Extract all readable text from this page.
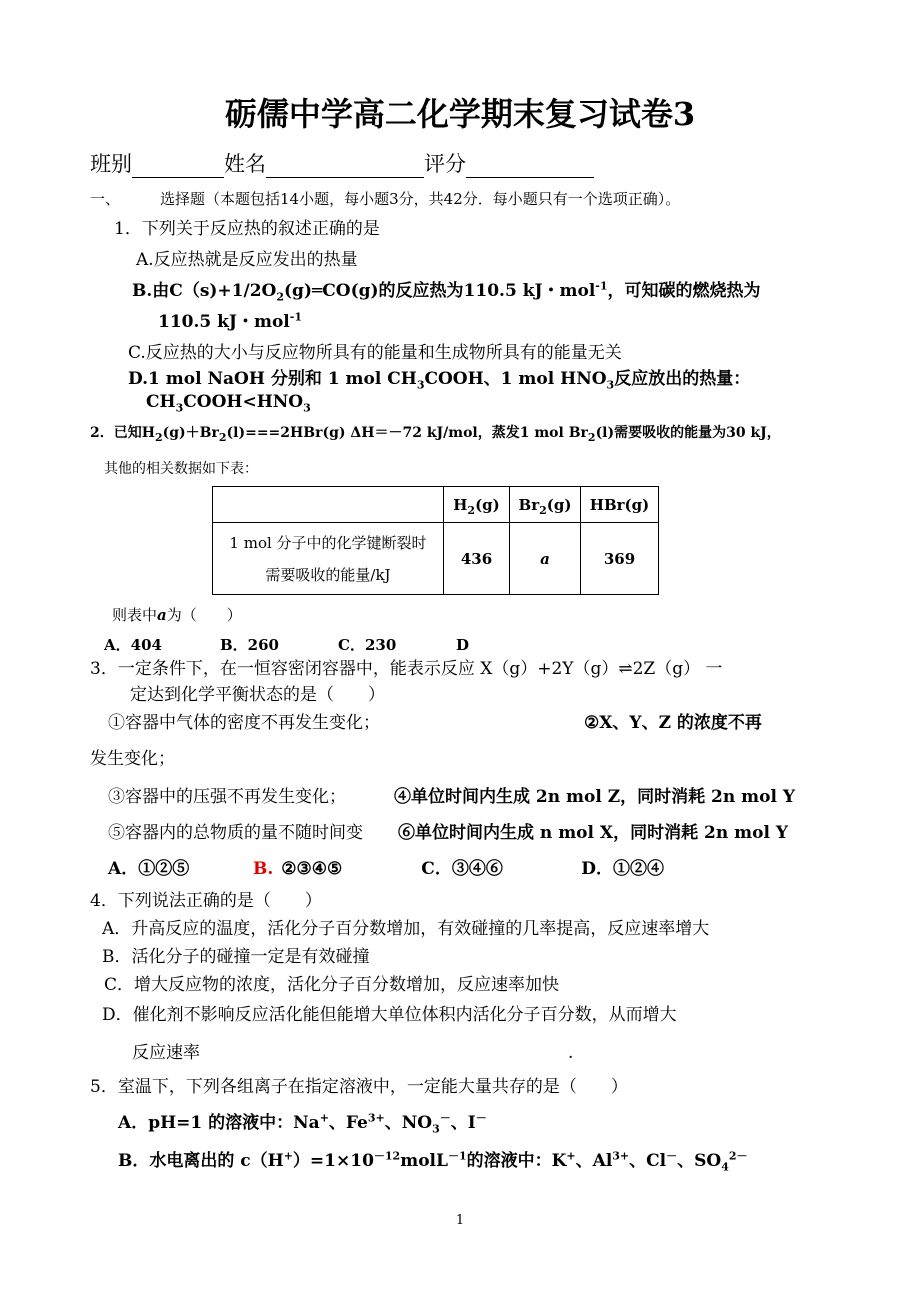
砺儒中学高二化学期末复习试卷3
班别	姓名	评分
一、	选择题（本题包括14小题，每小题3分，共42分．每小题只有一个选项正确）。
1．下列关于反应热的叙述正确的是
A.反应热就是反应发出的热量
B.由$C(s)+1/2O_2(g)═CO(g)$的反应热为110.5 kJ・mol$^{-1}$，可知碳的燃烧热为
110.5 kJ・mol$^{-1}$
C.反应热的大小与反应物所具有的能量和生成物所具有的能量无关
D.1 mol NaOH 分别和 1 mol $CH_3COOH$、1 mol $HNO_3$反应放出的热量：
$CH_3COOH<HNO_3$
2．已知$H_2(g)+Br_2(l)===2HBr(g)$ ΔH＝－72 kJ/mol，蒸发1 mol $Br_2(l)$需要吸收的能量为30 kJ，
其他的相关数据如下表：
	$H_2(g)$	$Br_2(g)$	HBr(g)
1 mol 分子中的化学键断裂时
需要吸收的能量/kJ	436	a	369
则表中a为（　　）
A．404	B．260	C．230	D
3．一定条件下，在一恒容密闭容器中，能表示反应 X（g）+2Y（g）⇌2Z（g） 一
定达到化学平衡状态的是（　　）
①容器中气体的密度不再发生变化；	②X、Y、Z 的浓度不再
发生变化；
③容器中的压强不再发生变化；	④单位时间内生成 2n mol Z，同时消耗 2n mol Y
⑤容器内的总物质的量不随时间变 ⑥单位时间内生成 n mol X，同时消耗 2n mol Y
A．①②⑤	B. ②③④⑤	C．③④⑥	D．①②④
4．下列说法正确的是（　　）
A．升高反应的温度，活化分子百分数增加，有效碰撞的几率提高，反应速率增大
B．活化分子的碰撞一定是有效碰撞
C．增大反应物的浓度，活化分子百分数增加，反应速率加快
D．催化剂不影响反应活化能但能增大单位体积内活化分子百分数，从而增大
反应速率	.
5．室温下，下列各组离子在指定溶液中，一定能大量共存的是（　　）
A．pH=1 的溶液中：Na+、$Fe^{3+}$、$NO_3^-$、I－
B．水电离出的 $c(H^+)=1\times 10^{-12}molL^{-1}$的溶液中：K+、$Al^{3+}$、Cl－、$SO_4^{2-}$
1
